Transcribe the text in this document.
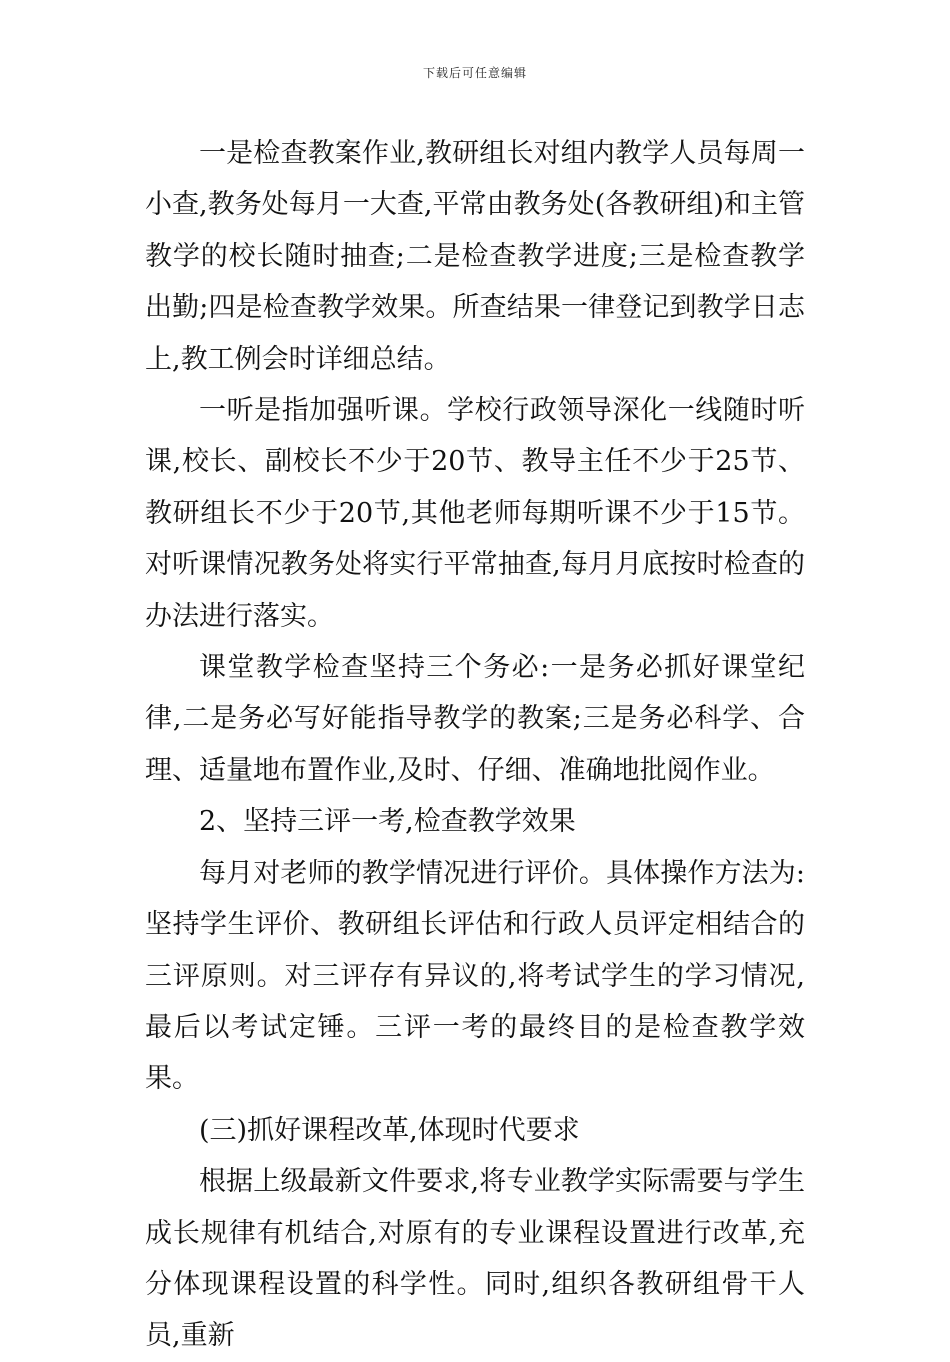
下载后可任意编辑

一是检查教案作业,教研组长对组内教学人员每周一小查,教务处每月一大查,平常由教务处(各教研组)和主管教学的校长随时抽查;二是检查教学进度;三是检查教学出勤;四是检查教学效果。所查结果一律登记到教学日志上,教工例会时详细总结。

一听是指加强听课。学校行政领导深化一线随时听课,校长、副校长不少于20节、教导主任不少于25节、教研组长不少于20节,其他老师每期听课不少于15节。对听课情况教务处将实行平常抽查,每月月底按时检查的办法进行落实。

课堂教学检查坚持三个务必:一是务必抓好课堂纪律,二是务必写好能指导教学的教案;三是务必科学、合理、适量地布置作业,及时、仔细、准确地批阅作业。

2、坚持三评一考,检查教学效果

每月对老师的教学情况进行评价。具体操作方法为:坚持学生评价、教研组长评估和行政人员评定相结合的三评原则。对三评存有异议的,将考试学生的学习情况,最后以考试定锤。三评一考的最终目的是检查教学效果。

(三)抓好课程改革,体现时代要求

根据上级最新文件要求,将专业教学实际需要与学生成长规律有机结合,对原有的专业课程设置进行改革,充分体现课程设置的科学性。同时,组织各教研组骨干人员,重新
